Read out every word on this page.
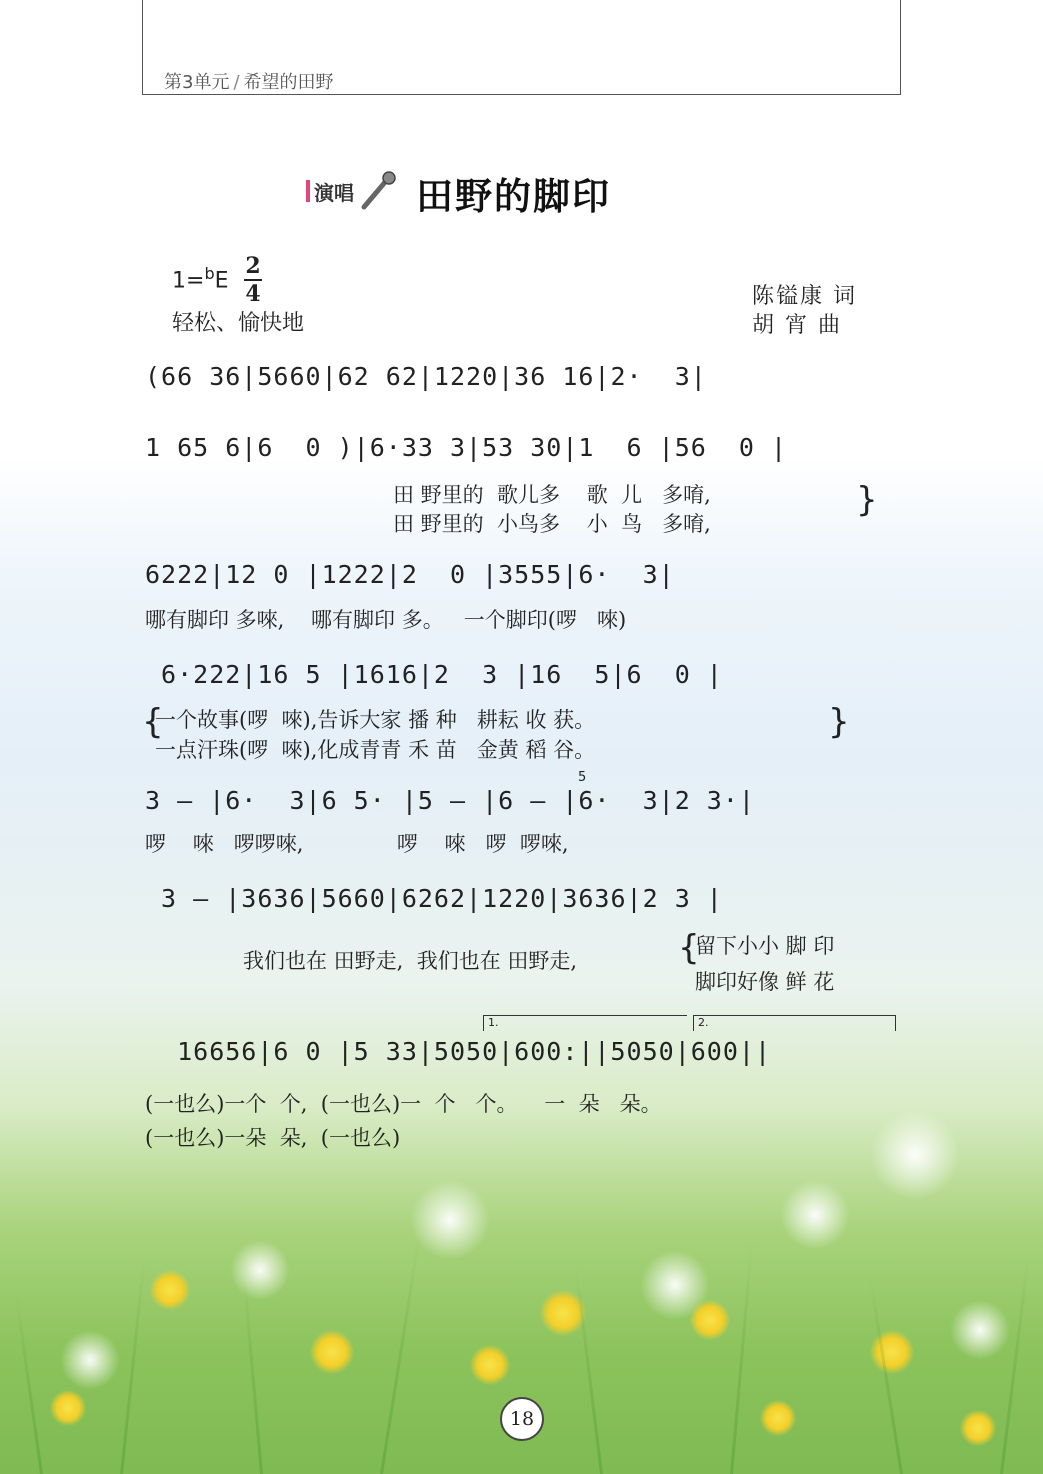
第3单元 / 希望的田野
演唱 田野的脚印
1=$^b$E
2
4
轻松、愉快地
陈镒康 词
胡 宵 曲
(66 36|5660|62 62|1220|36 16|2·  3|
1 65 6|6  0 )|6·33 3|53 30|1  6 |56  0 |
田 野里的  歌儿多    歌  儿   多唷,
田 野里的  小鸟多    小  鸟   多唷,
}
6222|12 0 |1222|2  0 |3555|6·  3|
哪有脚印 多唻,    哪有脚印 多。   一个脚印(啰   唻)
6·222|16 5 |1616|2  3 |16  5|6  0 |
{
一个故事(啰  唻),告诉大家 播 种   耕耘 收 获。
一点汗珠(啰  唻),化成青青 禾 苗   金黄 稻 谷。
}
5
3 — |6·  3|6 5· |5 — |6 — |6·  3|2 3·|
啰    唻   啰啰唻,              啰    唻   啰  啰唻,
3 — |3636|5660|6262|1220|3636|2 3 |
我们也在 田野走,  我们也在 田野走,	{
留下小小 脚 印
脚印好像 鲜 花
1.	2.
16656|6 0 |5 33|5050|600:||5050|600||
(一也么)一个  个,  (一也么)一  个   个。    一  朵   朵。
(一也么)一朵  朵,  (一也么)
18
